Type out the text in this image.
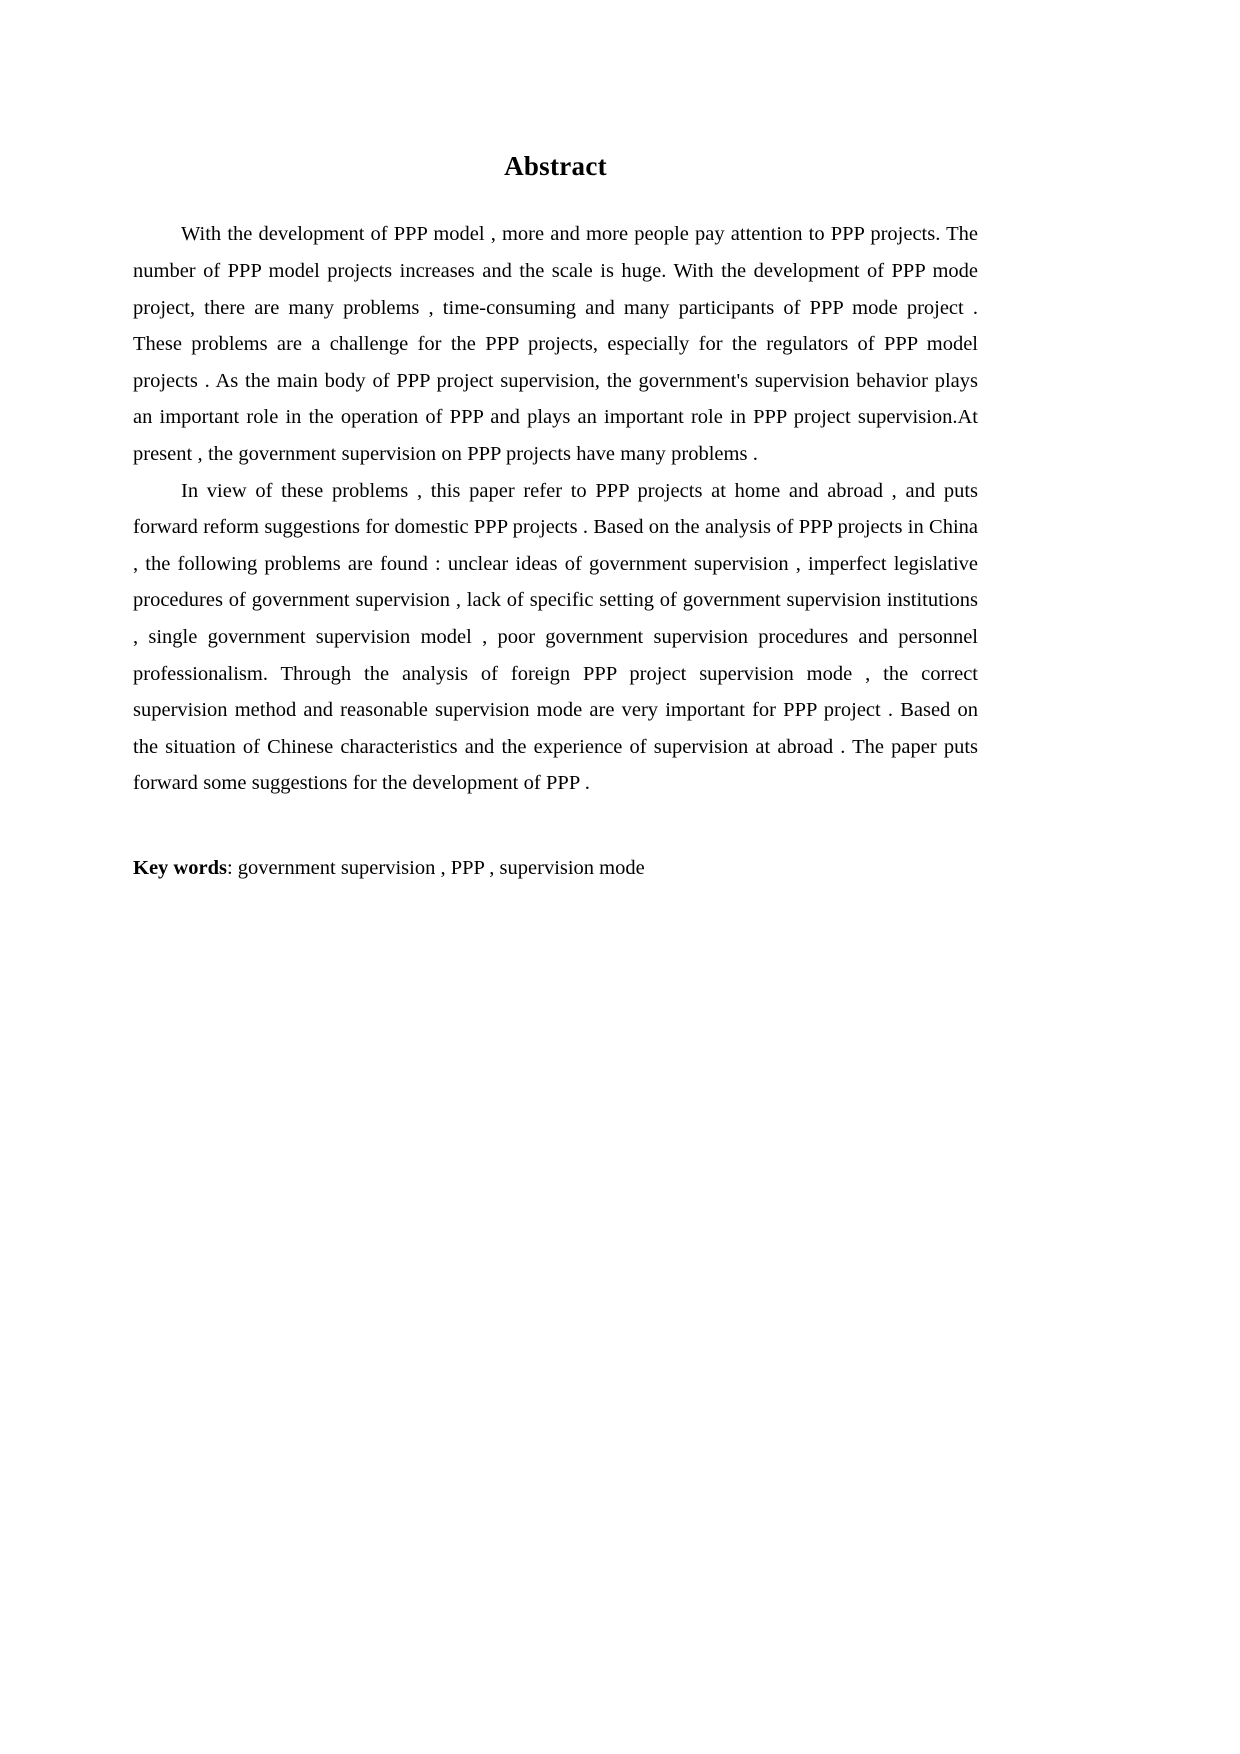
Abstract

With the development of PPP model , more and more people pay attention to PPP projects. The number of PPP model projects increases and the scale is huge. With the development of PPP mode project, there are many problems , time-consuming and many participants of PPP mode project . These problems are a challenge for the PPP projects, especially for the regulators of PPP model projects . As the main body of PPP project supervision, the government's supervision behavior plays an important role in the operation of PPP and plays an important role in PPP project supervision.At present , the government supervision on PPP projects have many problems .

In view of these problems , this paper refer to PPP projects at home and abroad , and puts forward reform suggestions for domestic PPP projects . Based on the analysis of PPP projects in China , the following problems are found : unclear ideas of government supervision , imperfect legislative procedures of government supervision , lack of specific setting of government supervision institutions , single government supervision model , poor government supervision procedures and personnel professionalism. Through the analysis of foreign PPP project supervision mode , the correct supervision method and reasonable supervision mode are very important for PPP project . Based on the situation of Chinese characteristics and the experience of supervision at abroad . The paper puts forward some suggestions for the development of PPP .

Key words: government supervision , PPP , supervision mode
